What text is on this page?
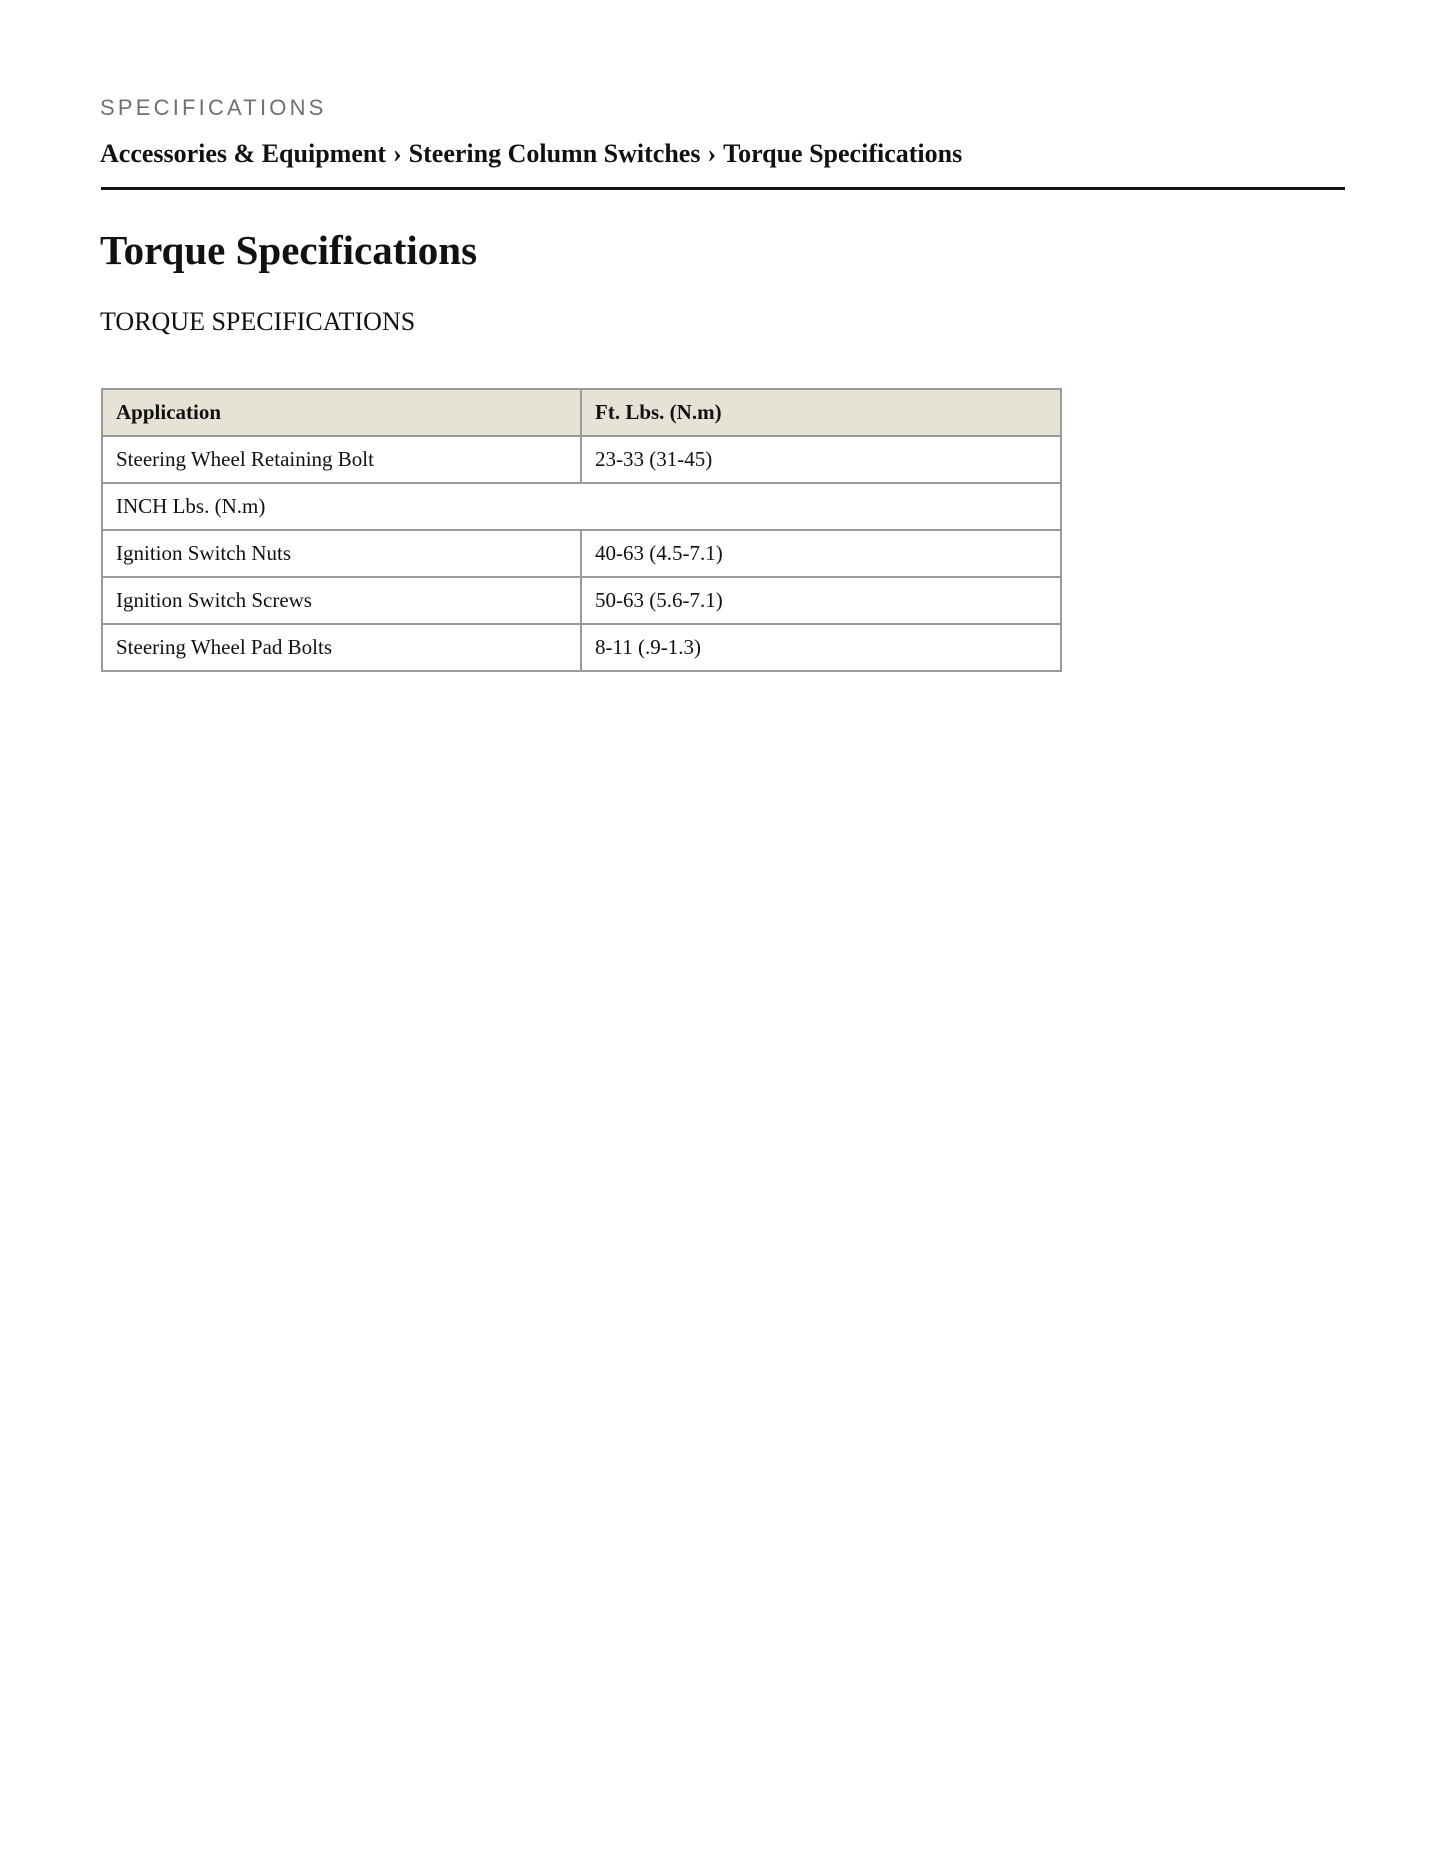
SPECIFICATIONS
Accessories & Equipment › Steering Column Switches › Torque Specifications
Torque Specifications
TORQUE SPECIFICATIONS
Application	Ft. Lbs. (N.m)
Steering Wheel Retaining Bolt	23-33 (31-45)
INCH Lbs. (N.m)	
Ignition Switch Nuts	40-63 (4.5-7.1)
Ignition Switch Screws	50-63 (5.6-7.1)
Steering Wheel Pad Bolts	8-11 (.9-1.3)
